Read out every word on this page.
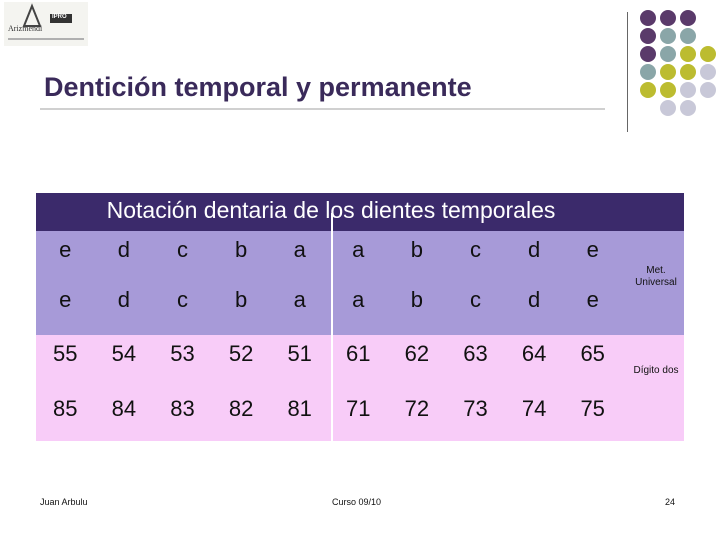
Arizmendi
IPRO
Dentición temporal y permanente
Notación dentaria de los dientes temporales
e	d	c	b	a	a	b	c	d	e
e	d	c	b	a	a	b	c	d	e
55	54	53	52	51	61	62	63	64	65
85	84	83	82	81	71	72	73	74	75
Met. Universal
Dígito dos
Juan Arbulu	Curso 09/10	24
